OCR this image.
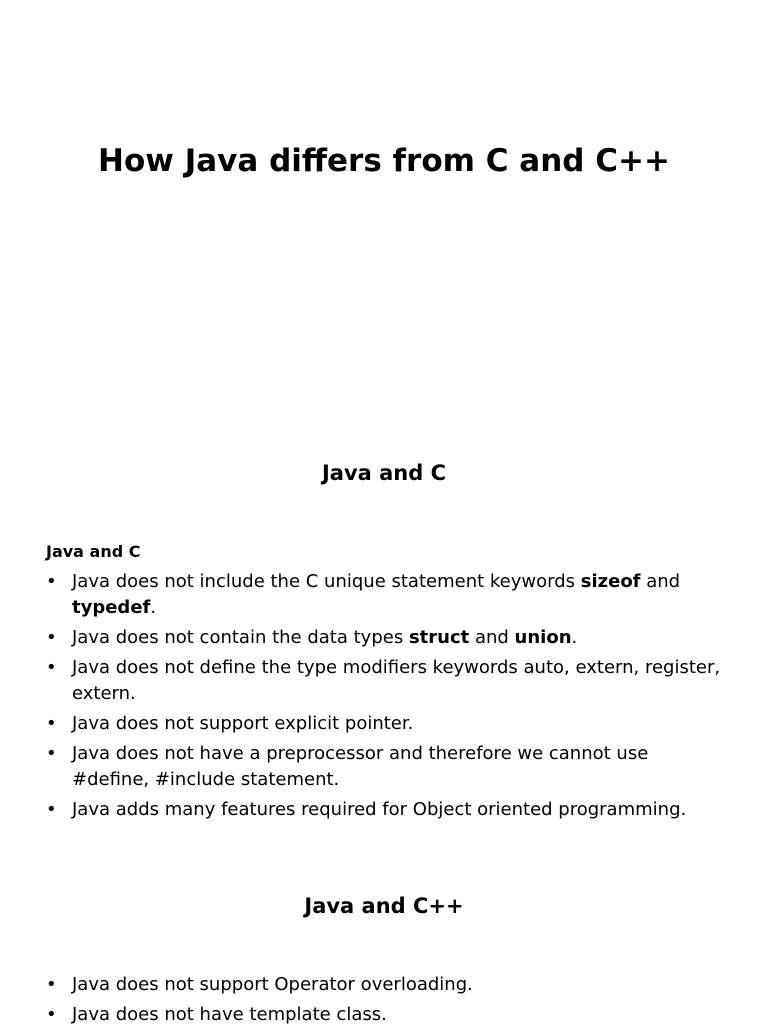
How Java differs from C and C++
Java and C
Java and C
• Java does not include the C unique statement keywords sizeof and typedef.
• Java does not contain the data types struct and union.
• Java does not define the type modifiers keywords auto, extern, register, extern.
• Java does not support explicit pointer.
• Java does not have a preprocessor and therefore we cannot use #define, #include statement.
• Java adds many features required for Object oriented programming.
Java and C++
• Java does not support Operator overloading.
• Java does not have template class.
